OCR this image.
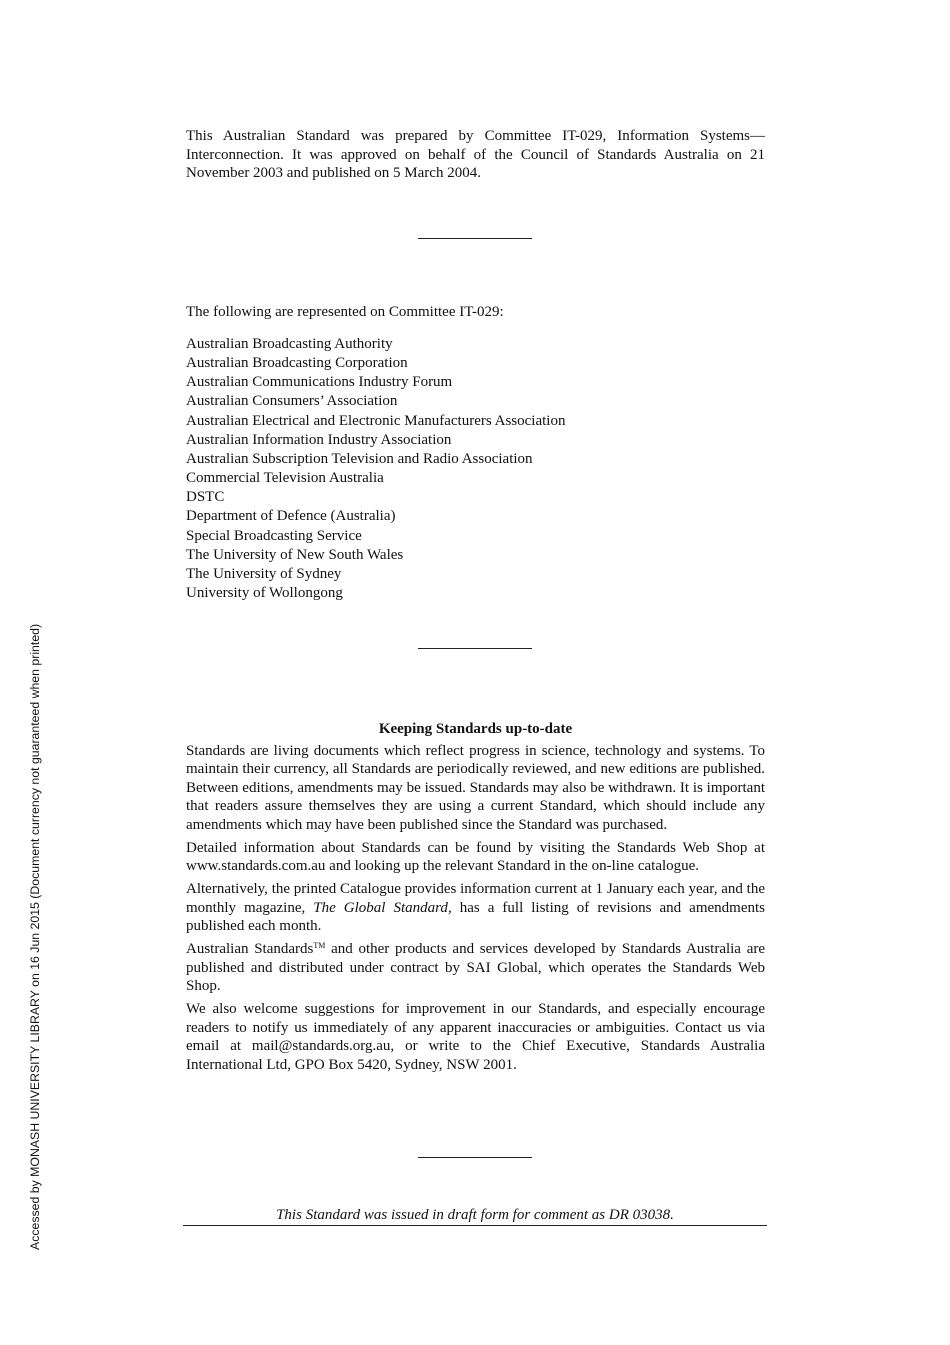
This Australian Standard was prepared by Committee IT-029, Information Systems—Interconnection. It was approved on behalf of the Council of Standards Australia on 21 November 2003 and published on 5 March 2004.

The following are represented on Committee IT-029:

Australian Broadcasting Authority
Australian Broadcasting Corporation
Australian Communications Industry Forum
Australian Consumers’ Association
Australian Electrical and Electronic Manufacturers Association
Australian Information Industry Association
Australian Subscription Television and Radio Association
Commercial Television Australia
DSTC
Department of Defence (Australia)
Special Broadcasting Service
The University of New South Wales
The University of Sydney
University of Wollongong
Keeping Standards up-to-date

Standards are living documents which reflect progress in science, technology and systems. To maintain their currency, all Standards are periodically reviewed, and new editions are published. Between editions, amendments may be issued. Standards may also be withdrawn. It is important that readers assure themselves they are using a current Standard, which should include any amendments which may have been published since the Standard was purchased.

Detailed information about Standards can be found by visiting the Standards Web Shop at www.standards.com.au and looking up the relevant Standard in the on-line catalogue.

Alternatively, the printed Catalogue provides information current at 1 January each year, and the monthly magazine, The Global Standard, has a full listing of revisions and amendments published each month.

Australian Standards™ and other products and services developed by Standards Australia are published and distributed under contract by SAI Global, which operates the Standards Web Shop.

We also welcome suggestions for improvement in our Standards, and especially encourage readers to notify us immediately of any apparent inaccuracies or ambiguities. Contact us via email at mail@standards.org.au, or write to the Chief Executive, Standards Australia International Ltd, GPO Box 5420, Sydney, NSW 2001.

This Standard was issued in draft form for comment as DR 03038.
Accessed by MONASH UNIVERSITY LIBRARY on 16 Jun 2015 (Document currency not guaranteed when printed)
